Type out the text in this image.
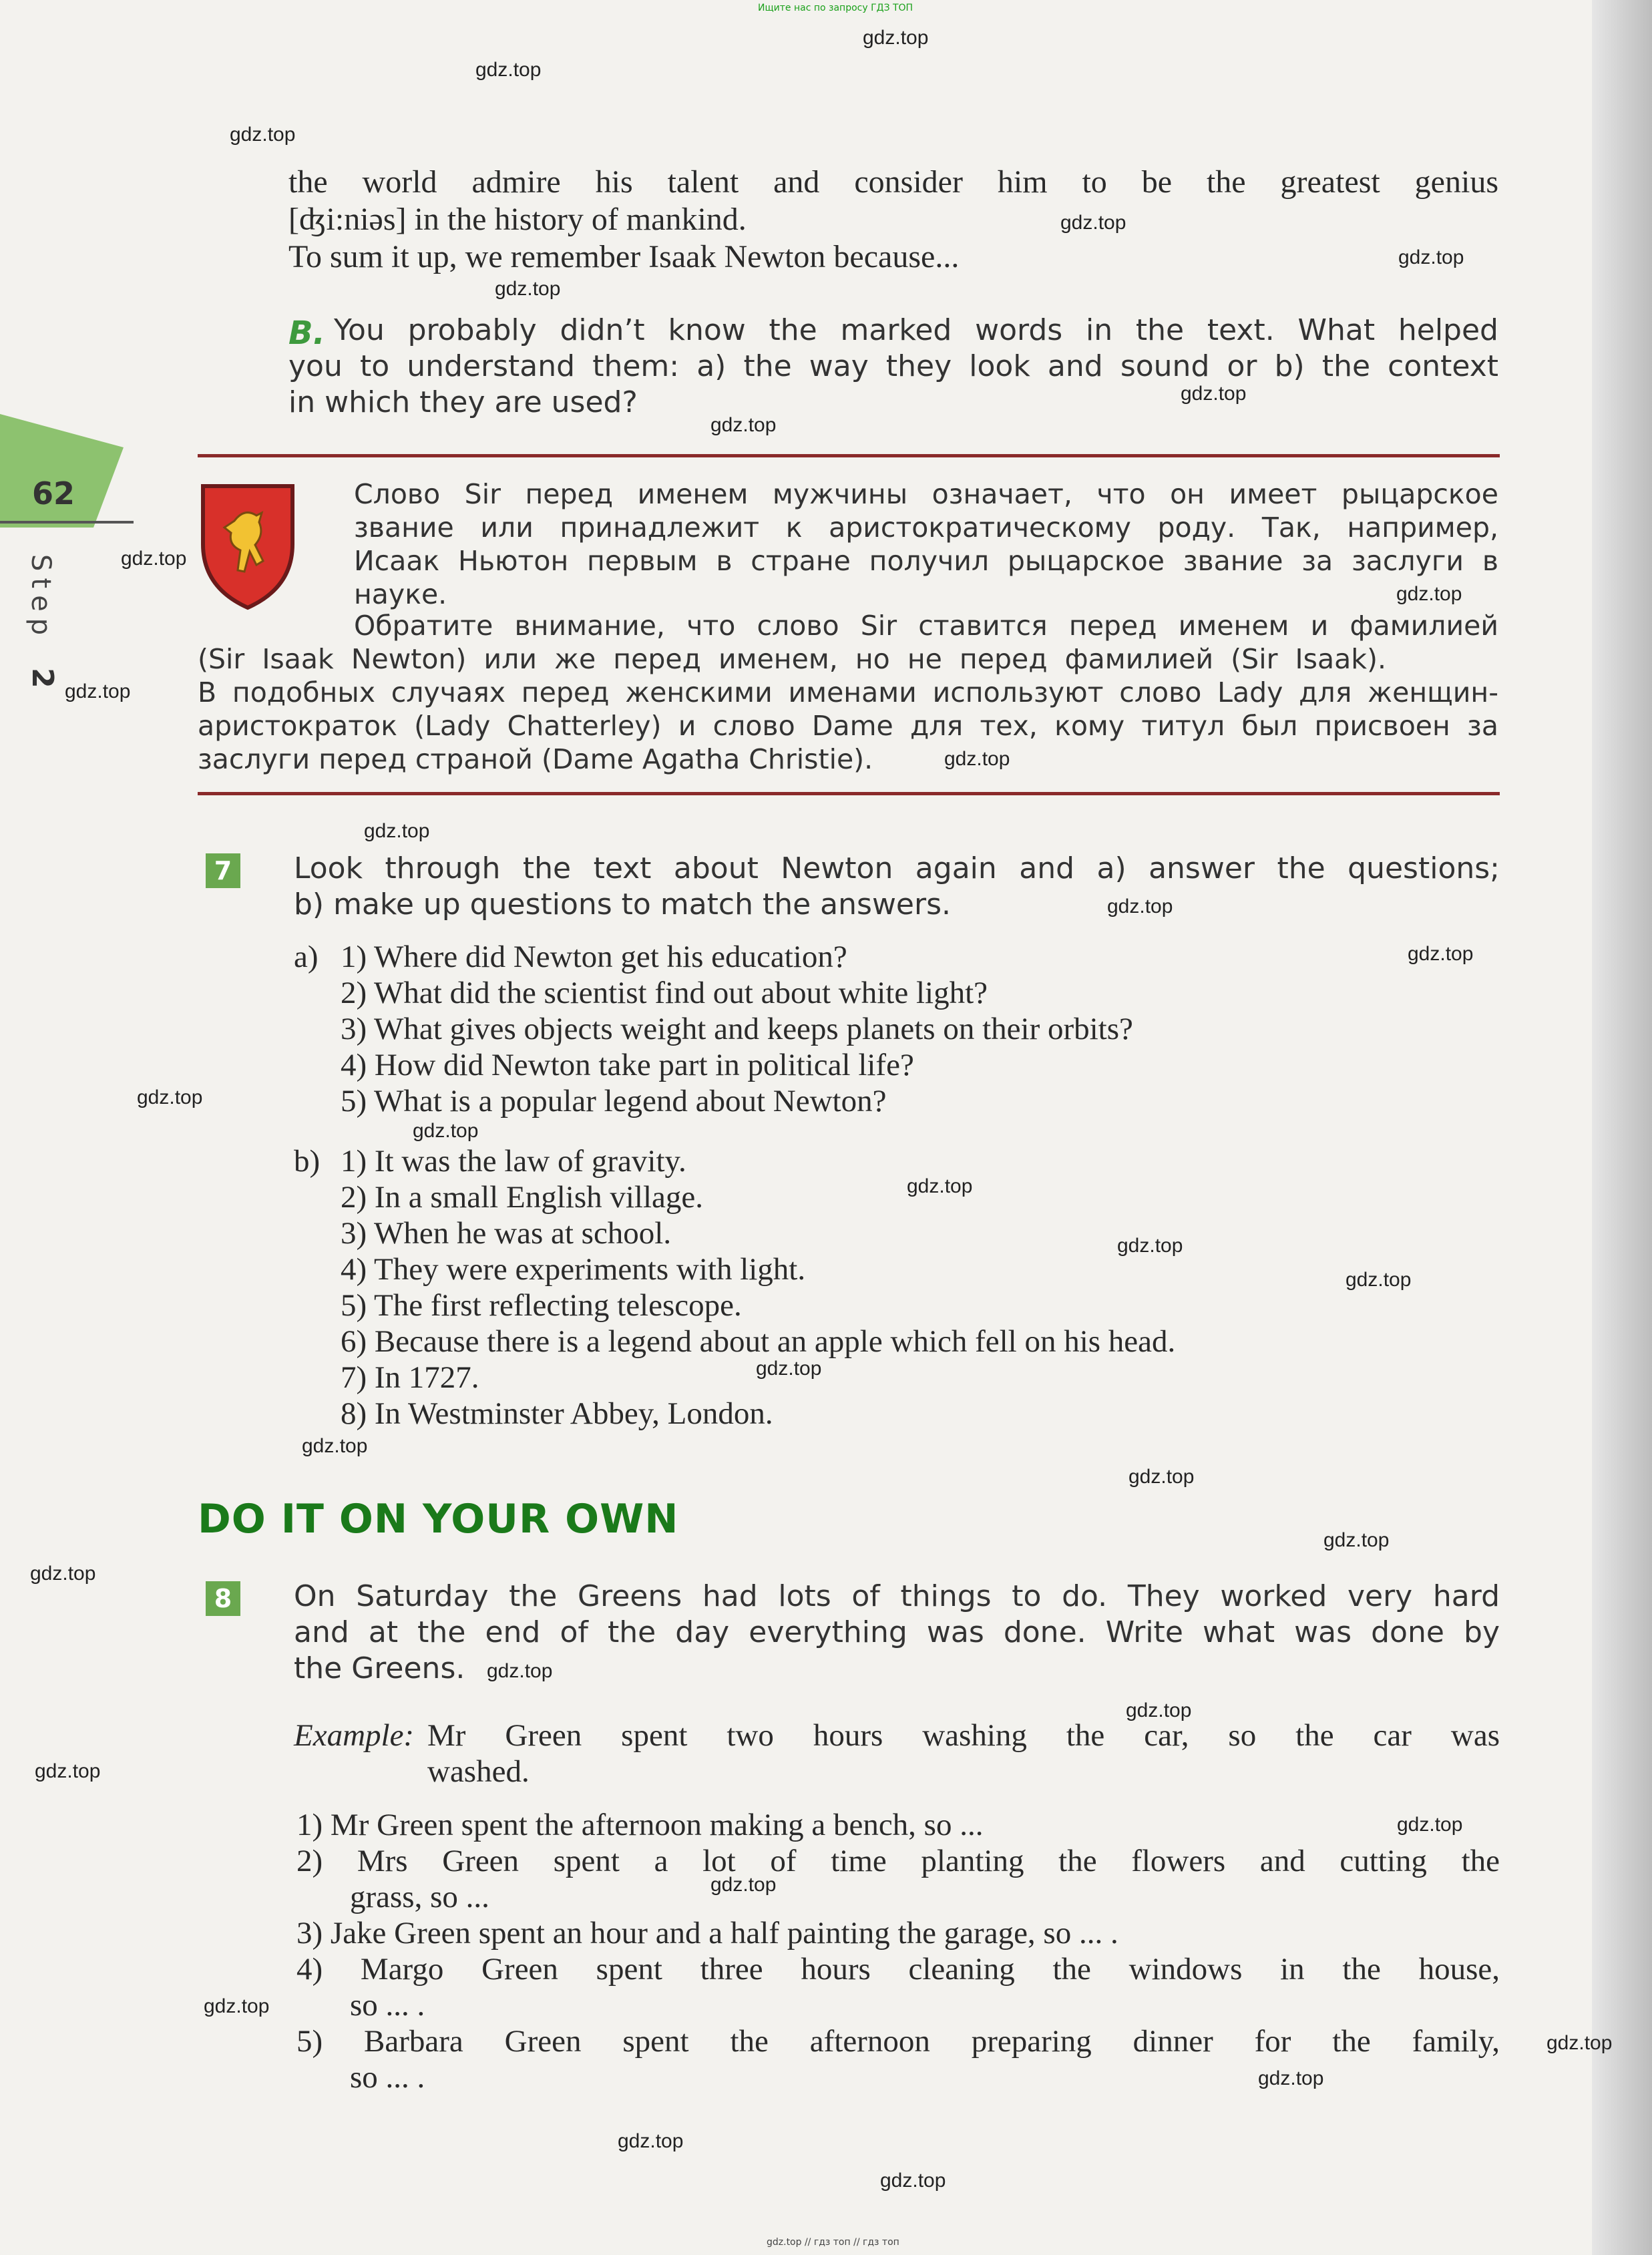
Ищите нас по запросу ГДЗ ТОП
gdz.top // гдз топ // гдз топ
62
Step
2
the world admire his talent and consider him to be the greatest genius
[ʤi:niəs] in the history of mankind.
To sum it up, we remember Isaak Newton because...
B. You probably didn’t know the marked words in the text. What helped
you to understand them: a) the way they look and sound or b) the context
in which they are used?
Слово Sir перед именем мужчины означает, что он имеет рыцарское
звание или принадлежит к аристократическому роду. Так, например,
Исаак Ньютон первым в стране получил рыцарское звание за заслуги в
науке.
Обратите внимание, что слово Sir ставится перед именем и фамилией
(Sir Isaak Newton) или же перед именем, но не перед фамилией (Sir Isaak).
В подобных случаях перед женскими именами используют слово Lady для женщин-
аристократок (Lady Chatterley) и слово Dame для тех, кому титул был присвоен за
заслуги перед страной (Dame Agatha Christie).
7 Look through the text about Newton again and a) answer the questions;
b) make up questions to match the answers.
a) 1) Where did Newton get his education?
2) What did the scientist find out about white light?
3) What gives objects weight and keeps planets on their orbits?
4) How did Newton take part in political life?
5) What is a popular legend about Newton?
b) 1) It was the law of gravity.
2) In a small English village.
3) When he was at school.
4) They were experiments with light.
5) The first reflecting telescope.
6) Because there is a legend about an apple which fell on his head.
7) In 1727.
8) In Westminster Abbey, London.
DO IT ON YOUR OWN
8 On Saturday the Greens had lots of things to do. They worked very hard
and at the end of the day everything was done. Write what was done by
the Greens.
Example: Mr Green spent two hours washing the car, so the car was
washed.
1) Mr Green spent the afternoon making a bench, so ...
2) Mrs Green spent a lot of time planting the flowers and cutting the
grass, so ...
3) Jake Green spent an hour and a half painting the garage, so ... .
4) Margo Green spent three hours cleaning the windows in the house,
so ... .
5) Barbara Green spent the afternoon preparing dinner for the family,
so ... .
gdz.top
gdz.top
gdz.top
gdz.top
gdz.top
gdz.top
gdz.top
gdz.top
gdz.top
gdz.top
gdz.top
gdz.top
gdz.top
gdz.top
gdz.top
gdz.top
gdz.top
gdz.top
gdz.top
gdz.top
gdz.top
gdz.top
gdz.top
gdz.top
gdz.top
gdz.top
gdz.top
gdz.top
gdz.top
gdz.top
gdz.top
gdz.top
gdz.top
gdz.top
gdz.top
